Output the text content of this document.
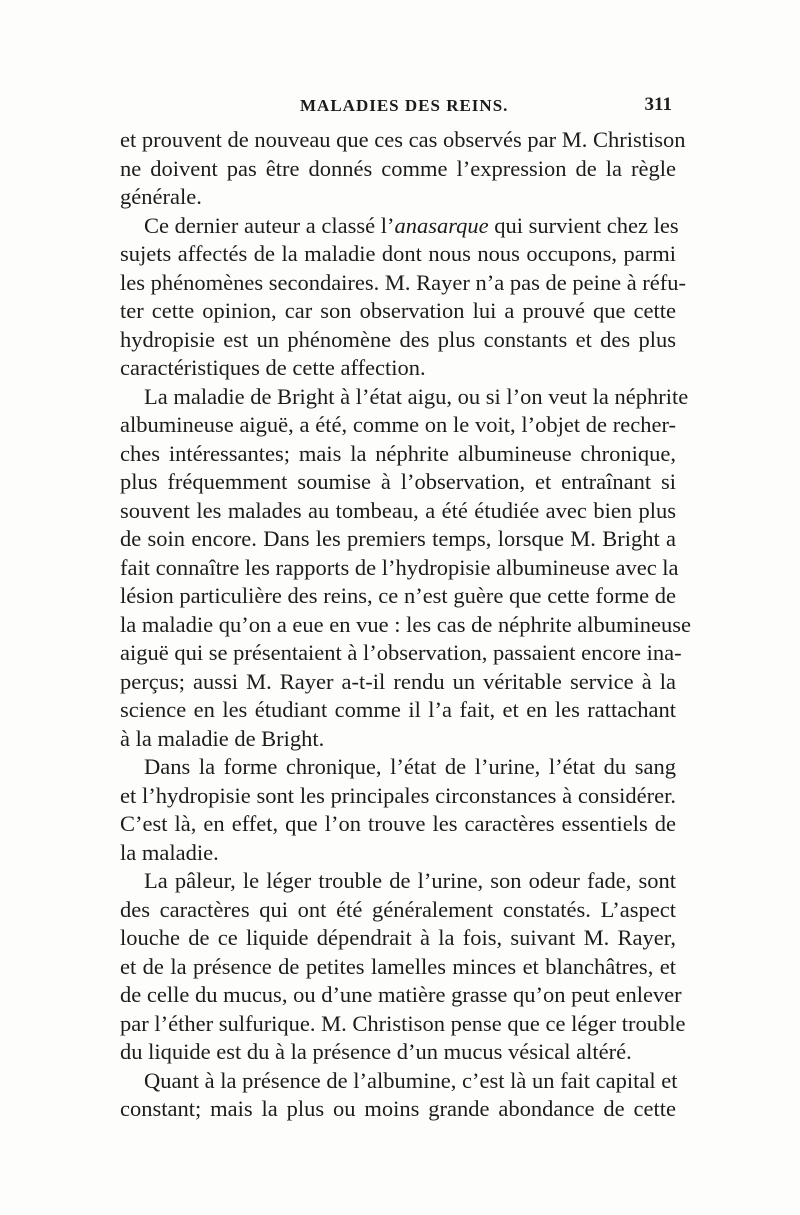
MALADIES DES REINS.	311

et prouvent de nouveau que ces cas observés par M. Christison
ne doivent pas être donnés comme l’expression de la règle
générale.

Ce dernier auteur a classé l’anasarque qui survient chez les
sujets affectés de la maladie dont nous nous occupons, parmi
les phénomènes secondaires. M. Rayer n’a pas de peine à réfu-
ter cette opinion, car son observation lui a prouvé que cette
hydropisie est un phénomène des plus constants et des plus
caractéristiques de cette affection.

La maladie de Bright à l’état aigu, ou si l’on veut la néphrite
albumineuse aiguë, a été, comme on le voit, l’objet de recher-
ches intéressantes; mais la néphrite albumineuse chronique,
plus fréquemment soumise à l’observation, et entraînant si
souvent les malades au tombeau, a été étudiée avec bien plus
de soin encore. Dans les premiers temps, lorsque M. Bright a
fait connaître les rapports de l’hydropisie albumineuse avec la
lésion particulière des reins, ce n’est guère que cette forme de
la maladie qu’on a eue en vue : les cas de néphrite albumineuse
aiguë qui se présentaient à l’observation, passaient encore ina-
perçus; aussi M. Rayer a-t-il rendu un véritable service à la
science en les étudiant comme il l’a fait, et en les rattachant
à la maladie de Bright.

Dans la forme chronique, l’état de l’urine, l’état du sang
et l’hydropisie sont les principales circonstances à considérer.
C’est là, en effet, que l’on trouve les caractères essentiels de
la maladie.

La pâleur, le léger trouble de l’urine, son odeur fade, sont
des caractères qui ont été généralement constatés. L’aspect
louche de ce liquide dépendrait à la fois, suivant M. Rayer,
et de la présence de petites lamelles minces et blanchâtres, et
de celle du mucus, ou d’une matière grasse qu’on peut enlever
par l’éther sulfurique. M. Christison pense que ce léger trouble
du liquide est du à la présence d’un mucus vésical altéré.

Quant à la présence de l’albumine, c’est là un fait capital et
constant; mais la plus ou moins grande abondance de cette
